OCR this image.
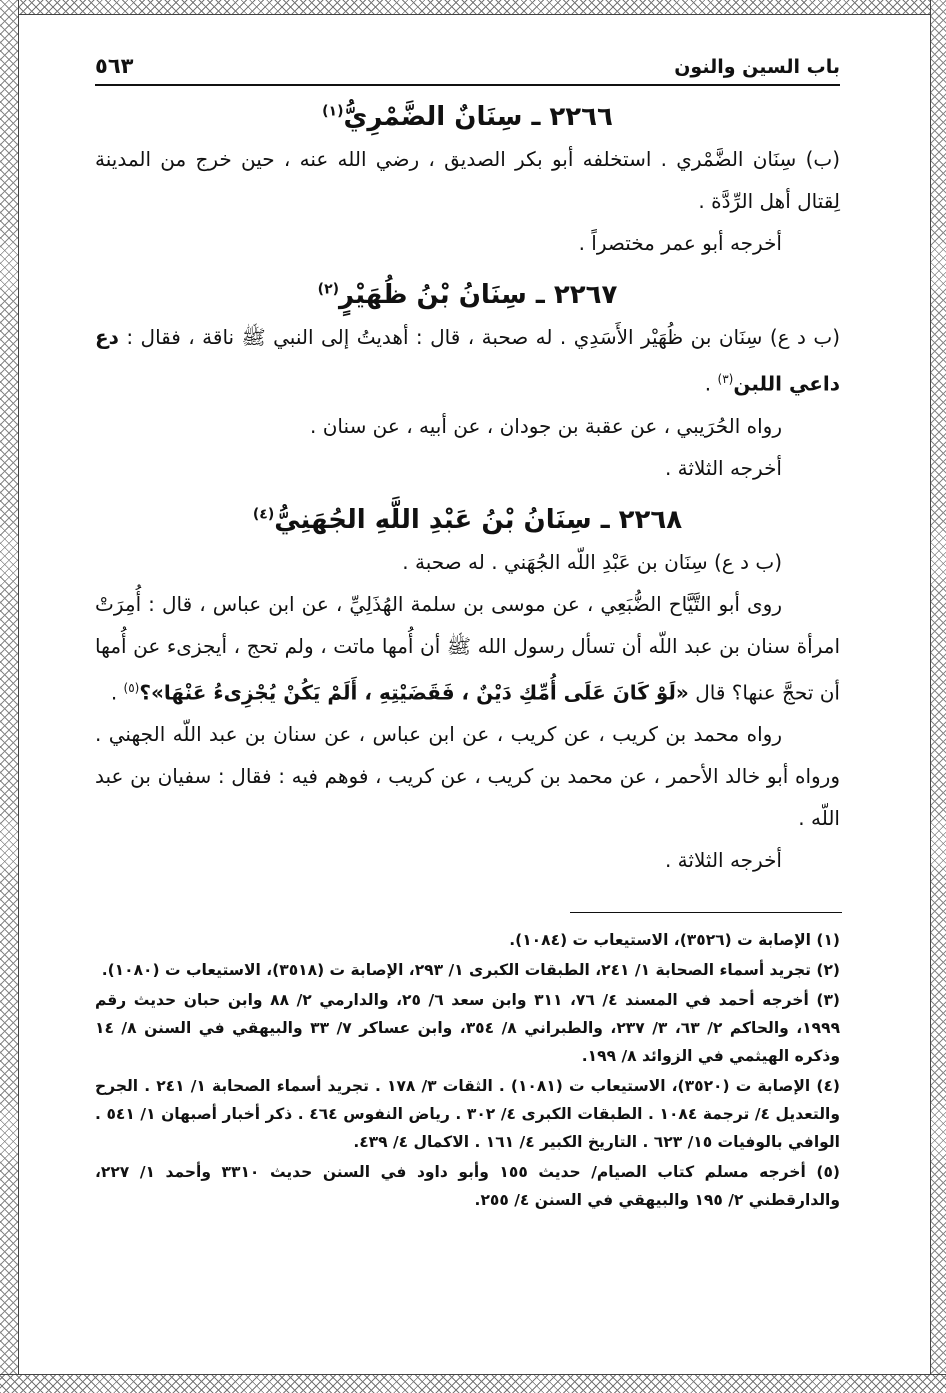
باب السين والنون
٥٦٣
٢٢٦٦ ـ سِنَانٌ الضَّمْرِيُّ$^{(١)}$

(ب) سِنَان الضَّمْري . استخلفه أبو بكر الصديق ، رضي الله عنه ، حين خرج من المدينة لِقتال أهل الرِّدَّة .

أخرجه أبو عمر مختصراً .

٢٢٦٧ ـ سِنَانُ بْنُ ظُهَيْرٍ$^{(٢)}$

(ب د ع) سِنَان بن ظُهَيْر الأَسَدِي . له صحبة ، قال : أهديتُ إلى النبي ﷺ ناقة ، فقال : دع داعي اللبن$^{(٣)}$ .

رواه الحُرَيبي ، عن عقبة بن جودان ، عن أبيه ، عن سنان .

أخرجه الثلاثة .

٢٢٦٨ ـ سِنَانُ بْنُ عَبْدِ اللَّهِ الجُهَنِيُّ$^{(٤)}$

(ب د ع) سِنَان بن عَبْدِ اللّه الجُهَني . له صحبة .

روى أبو التَّيَّاح الضُّبَعِي ، عن موسى بن سلمة الهُذَلِيِّ ، عن ابن عباس ، قال : أُمِرَتْ امرأة سنان بن عبد اللّه أن تسأل رسول الله ﷺ أن أُمها ماتت ، ولم تحج ، أيجزىء عن أُمها أن تحجَّ عنها؟ قال «لَوْ كَانَ عَلَى أُمِّكِ دَيْنٌ ، فَقَضَيْتِهِ ، أَلَمْ يَكُنْ يُجْزِىءُ عَنْهَا»؟$^{(٥)}$ .

رواه محمد بن كريب ، عن كريب ، عن ابن عباس ، عن سنان بن عبد اللّه الجهني . ورواه أبو خالد الأحمر ، عن محمد بن كريب ، عن كريب ، فوهم فيه : فقال : سفيان بن عبد اللّه .

أخرجه الثلاثة .

(١) الإصابة ت (٣٥٢٦)، الاستيعاب ت (١٠٨٤).

(٢) تجريد أسماء الصحابة ١/ ٢٤١، الطبقات الكبرى ١/ ٢٩٣، الإصابة ت (٣٥١٨)، الاستيعاب ت (١٠٨٠).

(٣) أخرجه أحمد في المسند ٤/ ٧٦، ٣١١ وابن سعد ٦/ ٢٥، والدارمي ٢/ ٨٨ وابن حبان حديث رقم ١٩٩٩، والحاكم ٢/ ٦٣، ٣/ ٢٣٧، والطبراني ٨/ ٣٥٤، وابن عساكر ٧/ ٣٣ والبيهقي في السنن ٨/ ١٤ وذكره الهيثمي في الزوائد ٨/ ١٩٩.

(٤) الإصابة ت (٣٥٢٠)، الاستيعاب ت (١٠٨١) . الثقات ٣/ ١٧٨ . تجريد أسماء الصحابة ١/ ٢٤١ . الجرح والتعديل ٤/ ترجمة ١٠٨٤ . الطبقات الكبرى ٤/ ٣٠٢ . رياض النفوس ٤٦٤ . ذكر أخبار أصبهان ١/ ٥٤١ . الوافي بالوفيات ١٥/ ٦٢٣ . التاريخ الكبير ٤/ ١٦١ . الاكمال ٤/ ٤٣٩.

(٥) أخرجه مسلم كتاب الصيام/ حديث ١٥٥ وأبو داود في السنن حديث ٣٣١٠ وأحمد ١/ ٢٢٧، والدارقطني ٢/ ١٩٥ والبيهقي في السنن ٤/ ٢٥٥.
